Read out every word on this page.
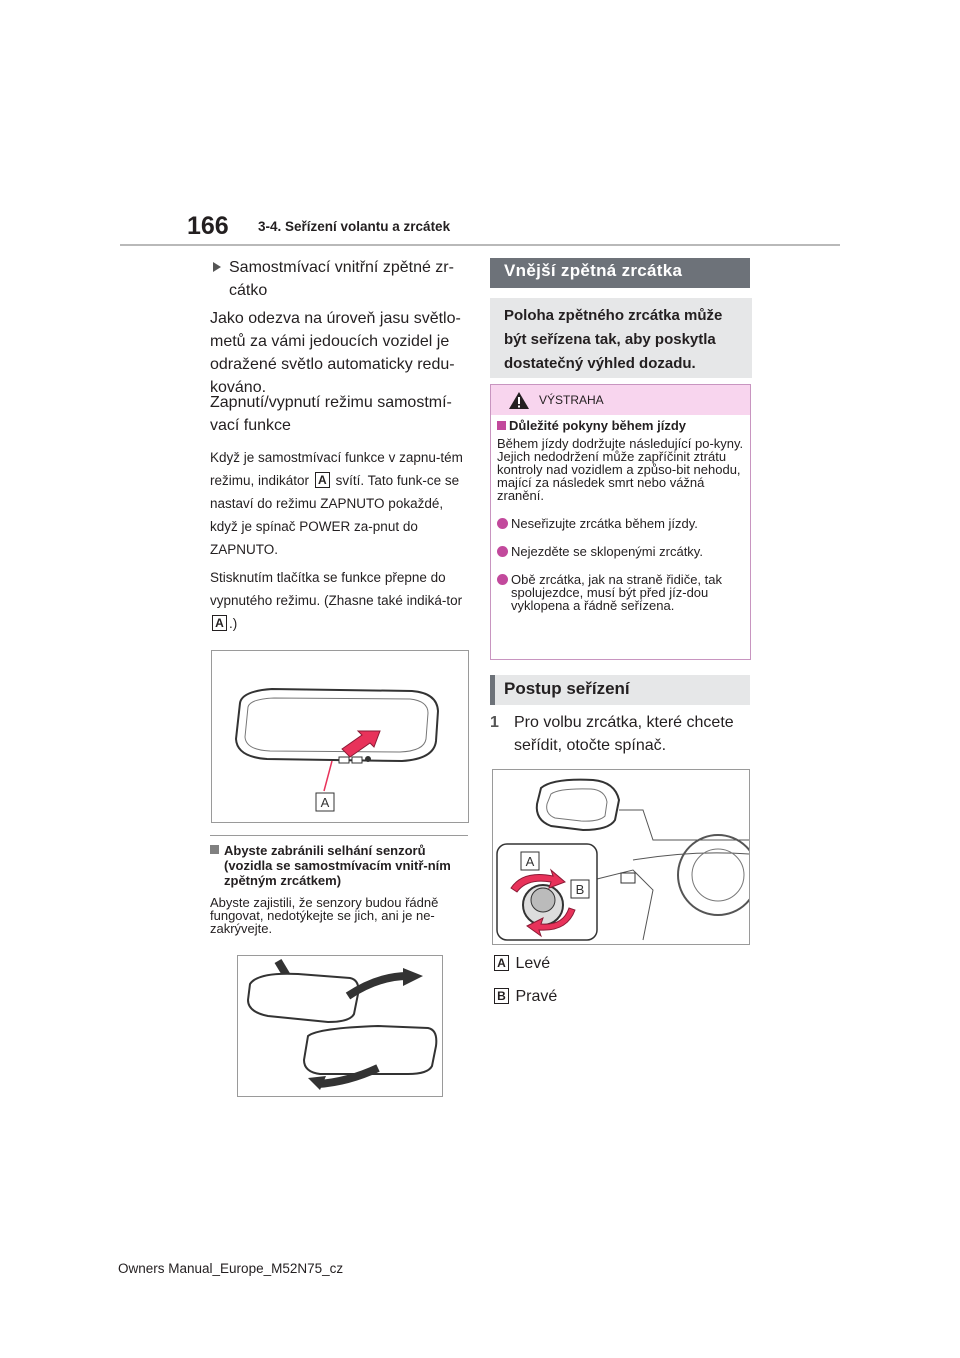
166 3-4. Seřízení volantu a zrcátek
Samostmívací vnitřní zpětné zr-cátko
Jako odezva na úroveň jasu světlo-metů za vámi jedoucích vozidel je odražené světlo automaticky redu-kováno.
Zapnutí/vypnutí režimu samostmí-vací funkce
Když je samostmívací funkce v zapnu-tém režimu, indikátor A svítí. Tato funk-ce se nastaví do režimu ZAPNUTO pokaždé, když je spínač POWER za-pnut do ZAPNUTO.
Stisknutím tlačítka se funkce přepne do vypnutého režimu. (Zhasne také indiká-tor A .)
A
Abyste zabránili selhání senzorů (vozidla se samostmívacím vnitř-ním zpětným zrcátkem)
Abyste zajistili, že senzory budou řádně fungovat, nedotýkejte se jich, ani je ne-zakrývejte.
Vnější zpětná zrcátka
Poloha zpětného zrcátka může být seřízena tak, aby poskytla dostatečný výhled dozadu.
VÝSTRAHA
Důležité pokyny během jízdy
Během jízdy dodržujte následující po-kyny. Jejich nedodržení může zapříčinit ztrátu kontroly nad vozidlem a způso-bit nehodu, mající za následek smrt nebo vážná zranění.
Neseřizujte zrcátka během jízdy.
Nejezděte se sklopenými zrcátky.
Obě zrcátka, jak na straně řidiče, tak spolujezdce, musí být před jíz-dou vyklopena a řádně seřízena.
Postup seřízení
1 Pro volbu zrcátka, které chcete seřídit, otočte spínač.
A
B
A Levé
B Pravé
Owners Manual_Europe_M52N75_cz
